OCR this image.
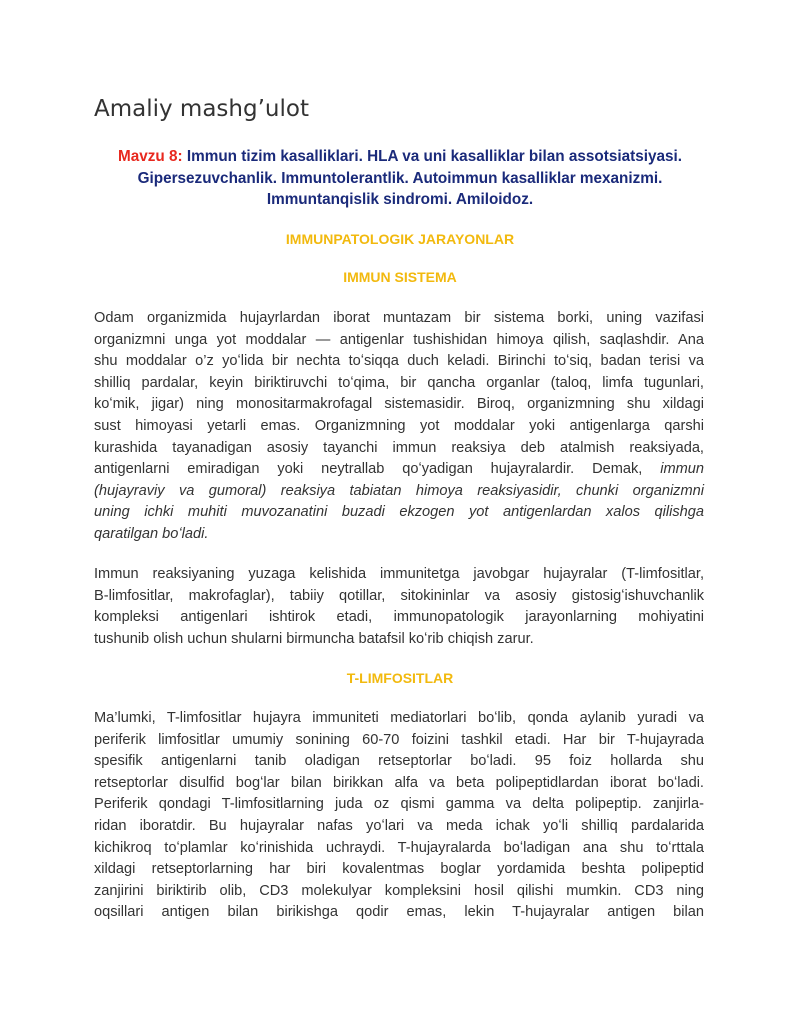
Amaliy mashg’ulot
Mavzu 8: Immun tizim kasalliklari. HLA va uni kasalliklar bilan assotsiatsiyasi.
Gipersezuvchanlik. Immuntolerantlik. Autoimmun kasalliklar mexanizmi.
Immuntanqislik sindromi. Amiloidoz.
IMMUNPATOLOGIK JARAYONLAR
IMMUN SISTEMA
Odam organizmida hujayrlardan iborat muntazam bir sistema borki, uning vazifasi
organizmni unga yot moddalar — antigenlar tushishidan himoya qilish, saqlashdir. Ana
shu moddalar o’z yoʻlida bir nechta toʻsiqqa duch keladi. Birinchi toʻsiq, badan terisi va
shilliq pardalar, keyin biriktiruvchi toʻqima, bir qancha organlar (taloq, limfa tugunlari,
koʻmik, jigar) ning monositarmakrofagal sistemasidir. Biroq, organizmning shu xildagi
sust himoyasi yetarli emas. Organizmning yot moddalar yoki antigenlarga qarshi
kurashida tayanadigan asosiy tayanchi immun reaksiya deb atalmish reaksiyada,
antigenlarni emiradigan yoki neytrallab qoʻyadigan hujayralardir. Demak, immun
(hujayraviy va gumoral) reaksiya tabiatan himoya reaksiyasidir, chunki organizmni
uning ichki muhiti muvozanatini buzadi ekzogen yot antigenlardan xalos qilishga
qaratilgan boʻladi.
Immun reaksiyaning yuzaga kelishida immunitetga javobgar hujayralar (T-limfositlar,
B-limfositlar, makrofaglar), tabiiy qotillar, sitokininlar va asosiy gistosigʻishuvchanlik
kompleksi antigenlari ishtirok etadi, immunopatologik jarayonlarning mohiyatini
tushunib olish uchun shularni birmuncha batafsil koʻrib chiqish zarur.
T-LIMFOSITLAR
Ma’lumki, T-limfositlar hujayra immuniteti mediatorlari boʻlib, qonda aylanib yuradi va
periferik limfositlar umumiy sonining 60-70 foizini tashkil etadi. Har bir T-hujayrada
spesifik antigenlarni tanib oladigan retseptorlar boʻladi. 95 foiz hollarda shu
retseptorlar disulfid bogʻlar bilan birikkan alfa va beta polipeptidlardan iborat boʻladi.
Periferik qondagi T-limfositlarning juda oz qismi gamma va delta polipeptip. zanjirla-
ridan iboratdir. Bu hujayralar nafas yoʻlari va meda ichak yoʻli shilliq pardalarida
kichikroq toʻplamlar koʻrinishida uchraydi. T-hujayralarda boʻladigan ana shu toʻrttala
xildagi retseptorlarning har biri kovalentmas boglar yordamida beshta polipeptid
zanjirini biriktirib olib, CD3 molekulyar kompleksini hosil qilishi mumkin. CD3 ning
oqsillari antigen bilan birikishga qodir emas, lekin T-hujayralar antigen bilan
